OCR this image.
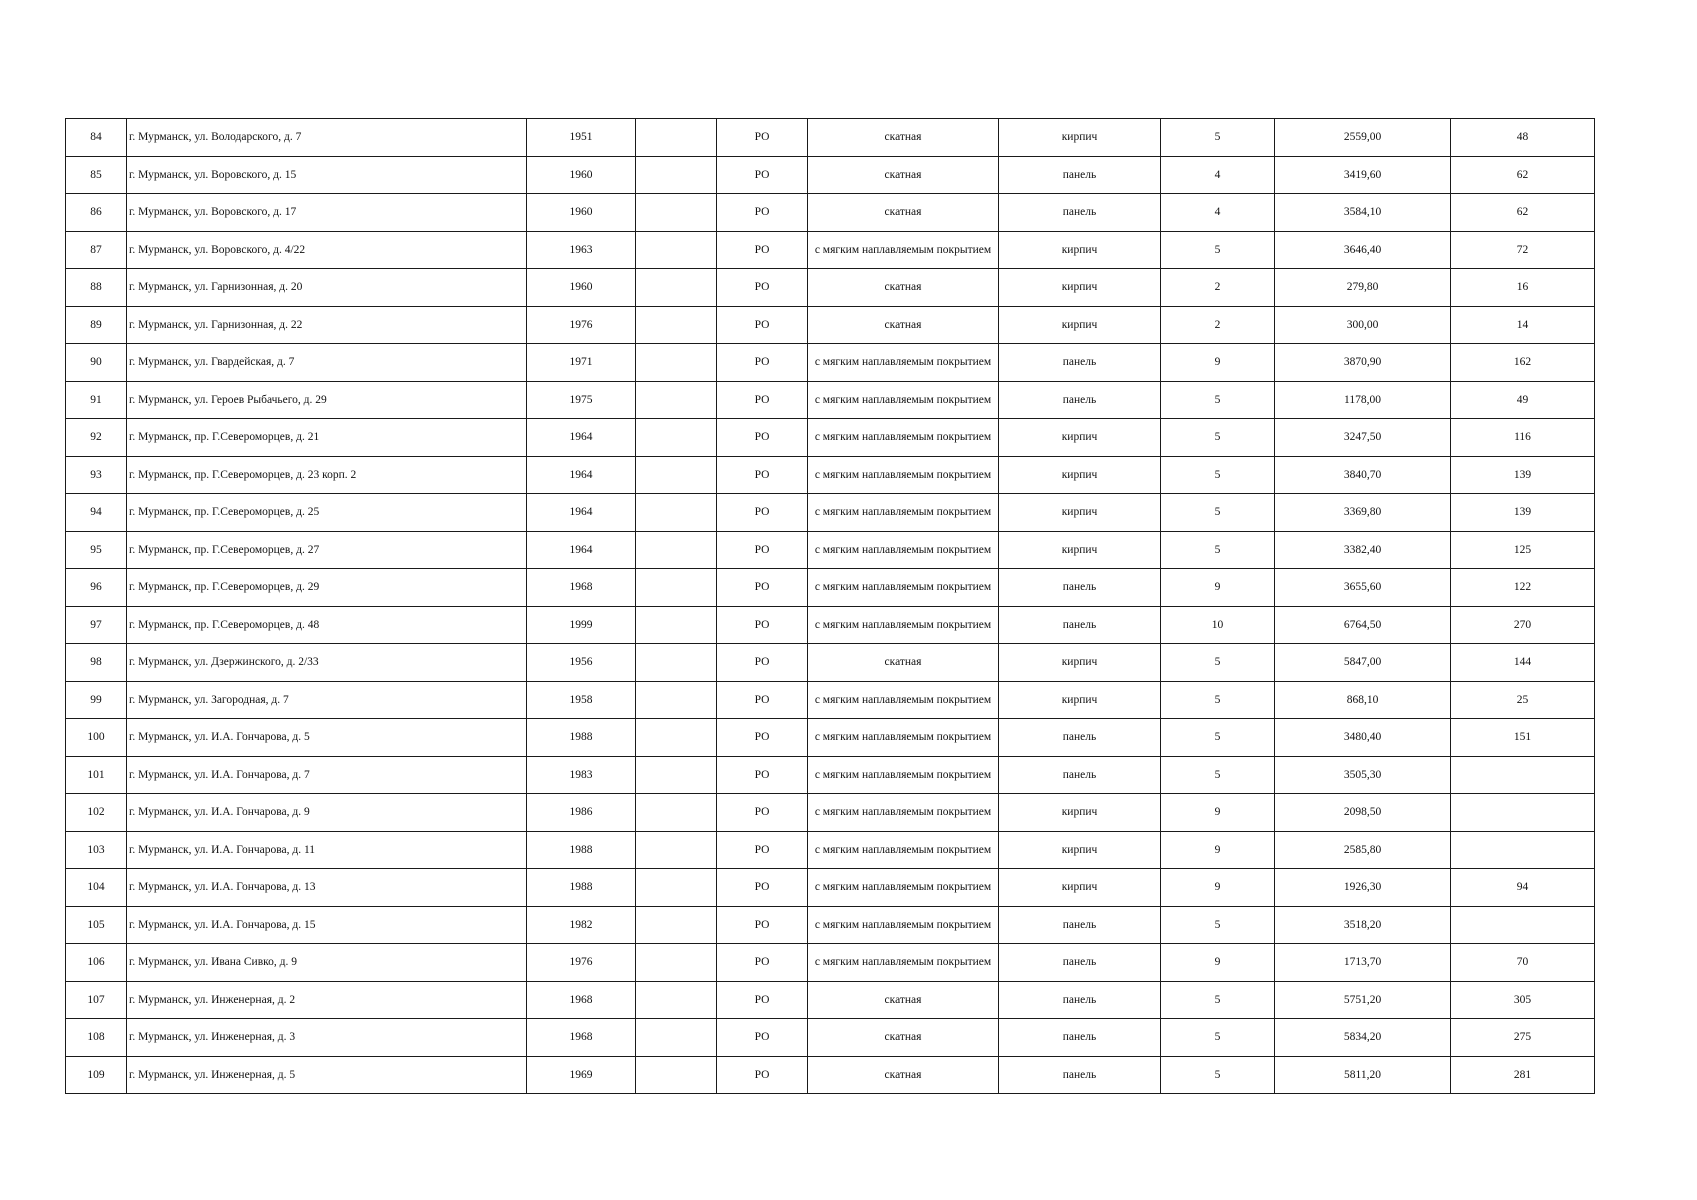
84	г. Мурманск, ул. Володарского, д. 7	1951		РО	скатная	кирпич	5	2559,00	48
85	г. Мурманск, ул. Воровского, д. 15	1960		РО	скатная	панель	4	3419,60	62
86	г. Мурманск, ул. Воровского, д. 17	1960		РО	скатная	панель	4	3584,10	62
87	г. Мурманск, ул. Воровского, д. 4/22	1963		РО	с мягким наплавляемым покрытием	кирпич	5	3646,40	72
88	г. Мурманск, ул. Гарнизонная, д. 20	1960		РО	скатная	кирпич	2	279,80	16
89	г. Мурманск, ул. Гарнизонная, д. 22	1976		РО	скатная	кирпич	2	300,00	14
90	г. Мурманск, ул. Гвардейская, д. 7	1971		РО	с мягким наплавляемым покрытием	панель	9	3870,90	162
91	г. Мурманск, ул. Героев Рыбачьего, д. 29	1975		РО	с мягким наплавляемым покрытием	панель	5	1178,00	49
92	г. Мурманск, пр. Г.Североморцев, д. 21	1964		РО	с мягким наплавляемым покрытием	кирпич	5	3247,50	116
93	г. Мурманск, пр. Г.Североморцев, д. 23 корп. 2	1964		РО	с мягким наплавляемым покрытием	кирпич	5	3840,70	139
94	г. Мурманск, пр. Г.Североморцев, д. 25	1964		РО	с мягким наплавляемым покрытием	кирпич	5	3369,80	139
95	г. Мурманск, пр. Г.Североморцев, д. 27	1964		РО	с мягким наплавляемым покрытием	кирпич	5	3382,40	125
96	г. Мурманск, пр. Г.Североморцев, д. 29	1968		РО	с мягким наплавляемым покрытием	панель	9	3655,60	122
97	г. Мурманск, пр. Г.Североморцев, д. 48	1999		РО	с мягким наплавляемым покрытием	панель	10	6764,50	270
98	г. Мурманск, ул. Дзержинского, д. 2/33	1956		РО	скатная	кирпич	5	5847,00	144
99	г. Мурманск, ул. Загородная, д. 7	1958		РО	с мягким наплавляемым покрытием	кирпич	5	868,10	25
100	г. Мурманск, ул. И.А. Гончарова, д. 5	1988		РО	с мягким наплавляемым покрытием	панель	5	3480,40	151
101	г. Мурманск, ул. И.А. Гончарова, д. 7	1983		РО	с мягким наплавляемым покрытием	панель	5	3505,30	
102	г. Мурманск, ул. И.А. Гончарова, д. 9	1986		РО	с мягким наплавляемым покрытием	кирпич	9	2098,50	
103	г. Мурманск, ул. И.А. Гончарова, д. 11	1988		РО	с мягким наплавляемым покрытием	кирпич	9	2585,80	
104	г. Мурманск, ул. И.А. Гончарова, д. 13	1988		РО	с мягким наплавляемым покрытием	кирпич	9	1926,30	94
105	г. Мурманск, ул. И.А. Гончарова, д. 15	1982		РО	с мягким наплавляемым покрытием	панель	5	3518,20	
106	г. Мурманск, ул. Ивана Сивко, д. 9	1976		РО	с мягким наплавляемым покрытием	панель	9	1713,70	70
107	г. Мурманск, ул. Инженерная, д. 2	1968		РО	скатная	панель	5	5751,20	305
108	г. Мурманск, ул. Инженерная, д. 3	1968		РО	скатная	панель	5	5834,20	275
109	г. Мурманск, ул. Инженерная, д. 5	1969		РО	скатная	панель	5	5811,20	281
